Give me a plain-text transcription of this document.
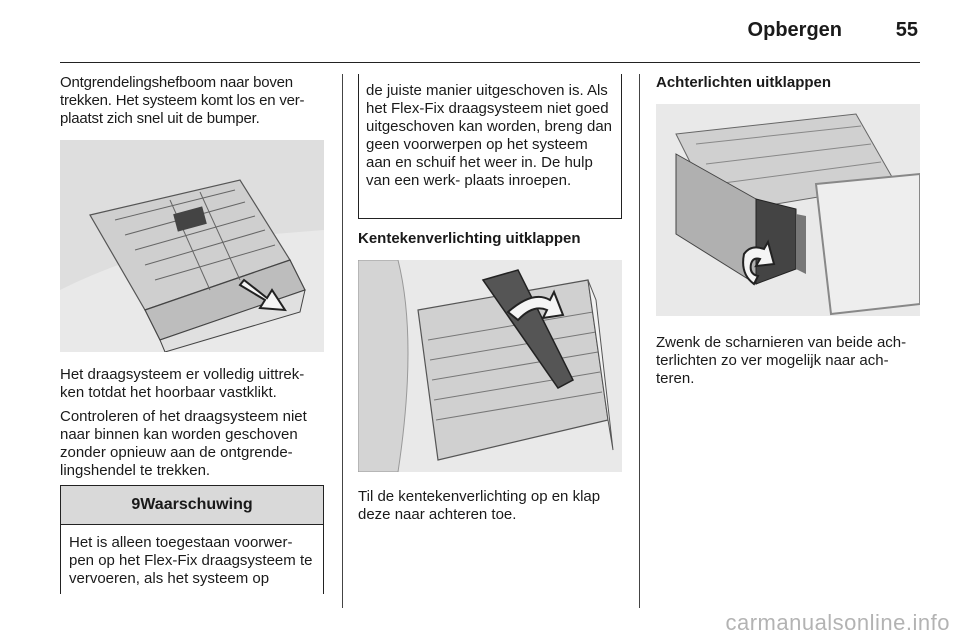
Opbergen	55

Ontgrendelingshefboom naar boven trekken. Het systeem komt los en ver- plaatst zich snel uit de bumper.

Het draagsysteem er volledig uittrek- ken totdat het hoorbaar vastklikt.

Controleren of het draagsysteem niet naar binnen kan worden geschoven zonder opnieuw aan de ontgrende- lingshendel te trekken.

9Waarschuwing
Het is alleen toegestaan voorwer- pen op het Flex-Fix draagsysteem te vervoeren, als het systeem op
de juiste manier uitgeschoven is. Als het Flex-Fix draagsysteem niet goed uitgeschoven kan worden, breng dan geen voorwerpen op het systeem aan en schuif het weer in. De hulp van een werk- plaats inroepen.
Kentekenverlichting uitklappen

Til de kentekenverlichting op en klap deze naar achteren toe.

Achterlichten uitklappen

Zwenk de scharnieren van beide ach- terlichten zo ver mogelijk naar ach- teren.

carmanualsonline.info
